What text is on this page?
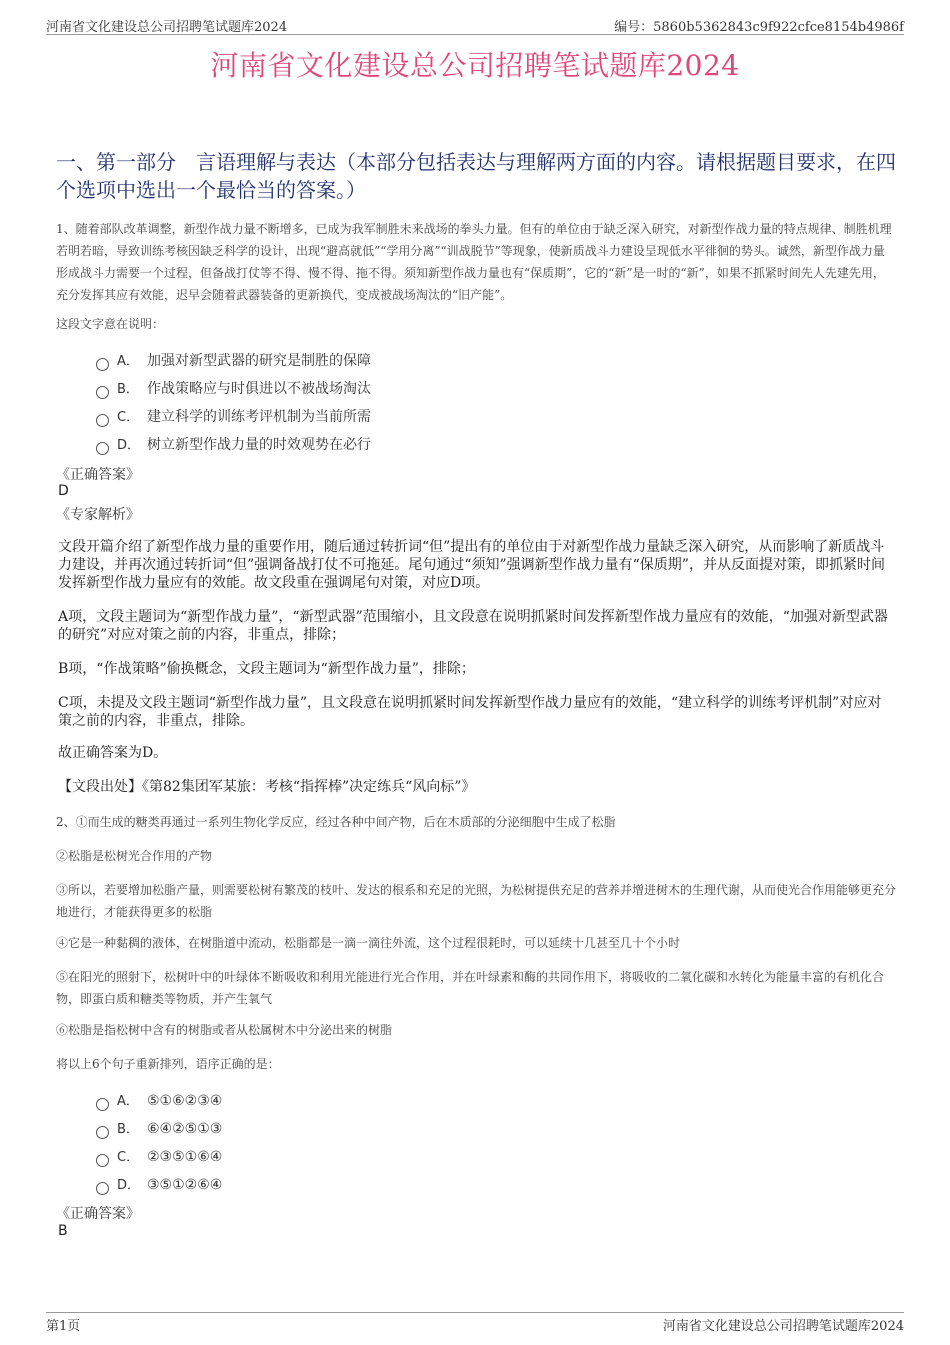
河南省文化建设总公司招聘笔试题库2024	编号：5860b5362843c9f922cfce8154b4986f
河南省文化建设总公司招聘笔试题库2024
一、第一部分　言语理解与表达（本部分包括表达与理解两方面的内容。请根据题目要求，在四个选项中选出一个最恰当的答案。）
1、随着部队改革调整，新型作战力量不断增多，已成为我军制胜未来战场的拳头力量。但有的单位由于缺乏深入研究，对新型作战力量的特点规律、制胜机理若明若暗，导致训练考核因缺乏科学的设计，出现“避高就低”“学用分离”“训战脱节”等现象，使新质战斗力建设呈现低水平徘徊的势头。诚然，新型作战力量形成战斗力需要一个过程，但备战打仗等不得、慢不得、拖不得。须知新型作战力量也有“保质期”，它的“新”是一时的“新”，如果不抓紧时间先人先建先用，充分发挥其应有效能，迟早会随着武器装备的更新换代，变成被战场淘汰的“旧产能”。
这段文字意在说明：
A． 加强对新型武器的研究是制胜的保障
B． 作战策略应与时俱进以不被战场淘汰
C． 建立科学的训练考评机制为当前所需
D． 树立新型作战力量的时效观势在必行
《正确答案》
D
《专家解析》
文段开篇介绍了新型作战力量的重要作用，随后通过转折词“但”提出有的单位由于对新型作战力量缺乏深入研究，从而影响了新质战斗力建设，并再次通过转折词“但”强调备战打仗不可拖延。尾句通过“须知”强调新型作战力量有“保质期”，并从反面提对策，即抓紧时间发挥新型作战力量应有的效能。故文段重在强调尾句对策，对应D项。
A项，文段主题词为“新型作战力量”，“新型武器”范围缩小，且文段意在说明抓紧时间发挥新型作战力量应有的效能，“加强对新型武器的研究”对应对策之前的内容，非重点，排除；
B项，“作战策略”偷换概念，文段主题词为“新型作战力量”，排除；
C项，未提及文段主题词“新型作战力量”，且文段意在说明抓紧时间发挥新型作战力量应有的效能，“建立科学的训练考评机制”对应对策之前的内容，非重点，排除。
故正确答案为D。
【文段出处】《第82集团军某旅：考核“指挥棒”决定练兵“风向标”》
2、①而生成的糖类再通过一系列生物化学反应，经过各种中间产物，后在木质部的分泌细胞中生成了松脂
②松脂是松树光合作用的产物
③所以，若要增加松脂产量，则需要松树有繁茂的枝叶、发达的根系和充足的光照，为松树提供充足的营养并增进树木的生理代谢，从而使光合作用能够更充分地进行，才能获得更多的松脂
④它是一种黏稠的液体，在树脂道中流动，松脂都是一滴一滴往外流，这个过程很耗时，可以延续十几甚至几十个小时
⑤在阳光的照射下，松树叶中的叶绿体不断吸收和利用光能进行光合作用，并在叶绿素和酶的共同作用下，将吸收的二氧化碳和水转化为能量丰富的有机化合物，即蛋白质和糖类等物质，并产生氧气
⑥松脂是指松树中含有的树脂或者从松属树木中分泌出来的树脂
将以上6个句子重新排列，语序正确的是：
A． ⑤①⑥②③④
B． ⑥④②⑤①③
C． ②③⑤①⑥④
D． ③⑤①②⑥④
《正确答案》
B
第1页	河南省文化建设总公司招聘笔试题库2024
